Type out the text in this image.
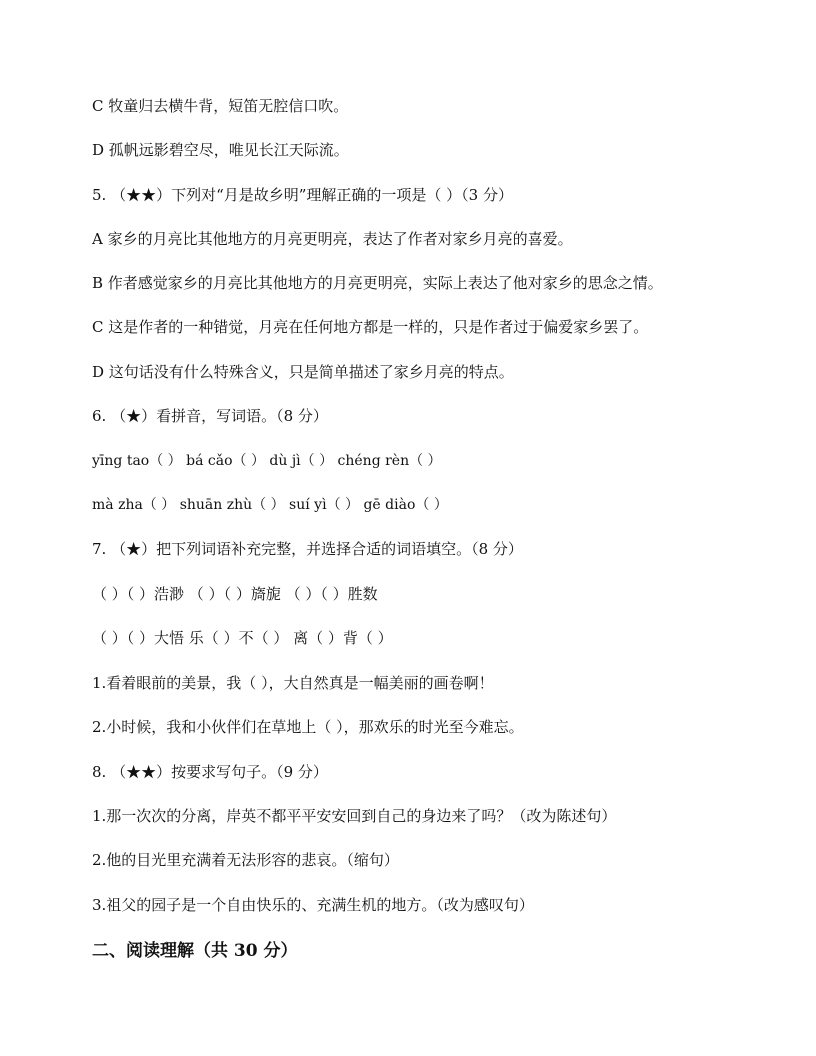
C 牧童归去横牛背，短笛无腔信口吹。
D 孤帆远影碧空尽，唯见长江天际流。
5. （★★）下列对“月是故乡明”理解正确的一项是（ ）（3 分）
A 家乡的月亮比其他地方的月亮更明亮，表达了作者对家乡月亮的喜爱。
B 作者感觉家乡的月亮比其他地方的月亮更明亮，实际上表达了他对家乡的思念之情。
C 这是作者的一种错觉，月亮在任何地方都是一样的，只是作者过于偏爱家乡罢了。
D 这句话没有什么特殊含义，只是简单描述了家乡月亮的特点。
6. （★）看拼音，写词语。（8 分）
yīng tao（ ） bá cǎo（ ） dù jì（ ） chéng rèn（ ）
mà zha（ ） shuān zhù（ ） suí yì（ ） gē diào（ ）
7. （★）把下列词语补充完整，并选择合适的词语填空。（8 分）
（ ）（ ）浩渺 （ ）（ ）旖旎 （ ）（ ）胜数
（ ）（ ）大悟 乐（ ）不（ ） 离（ ）背（ ）
1.看着眼前的美景，我（ ），大自然真是一幅美丽的画卷啊！
2.小时候，我和小伙伴们在草地上（ ），那欢乐的时光至今难忘。
8. （★★）按要求写句子。（9 分）
1.那一次次的分离，岸英不都平平安安回到自己的身边来了吗？（改为陈述句）
2.他的目光里充满着无法形容的悲哀。（缩句）
3.祖父的园子是一个自由快乐的、充满生机的地方。（改为感叹句）
二、阅读理解（共 30 分）
